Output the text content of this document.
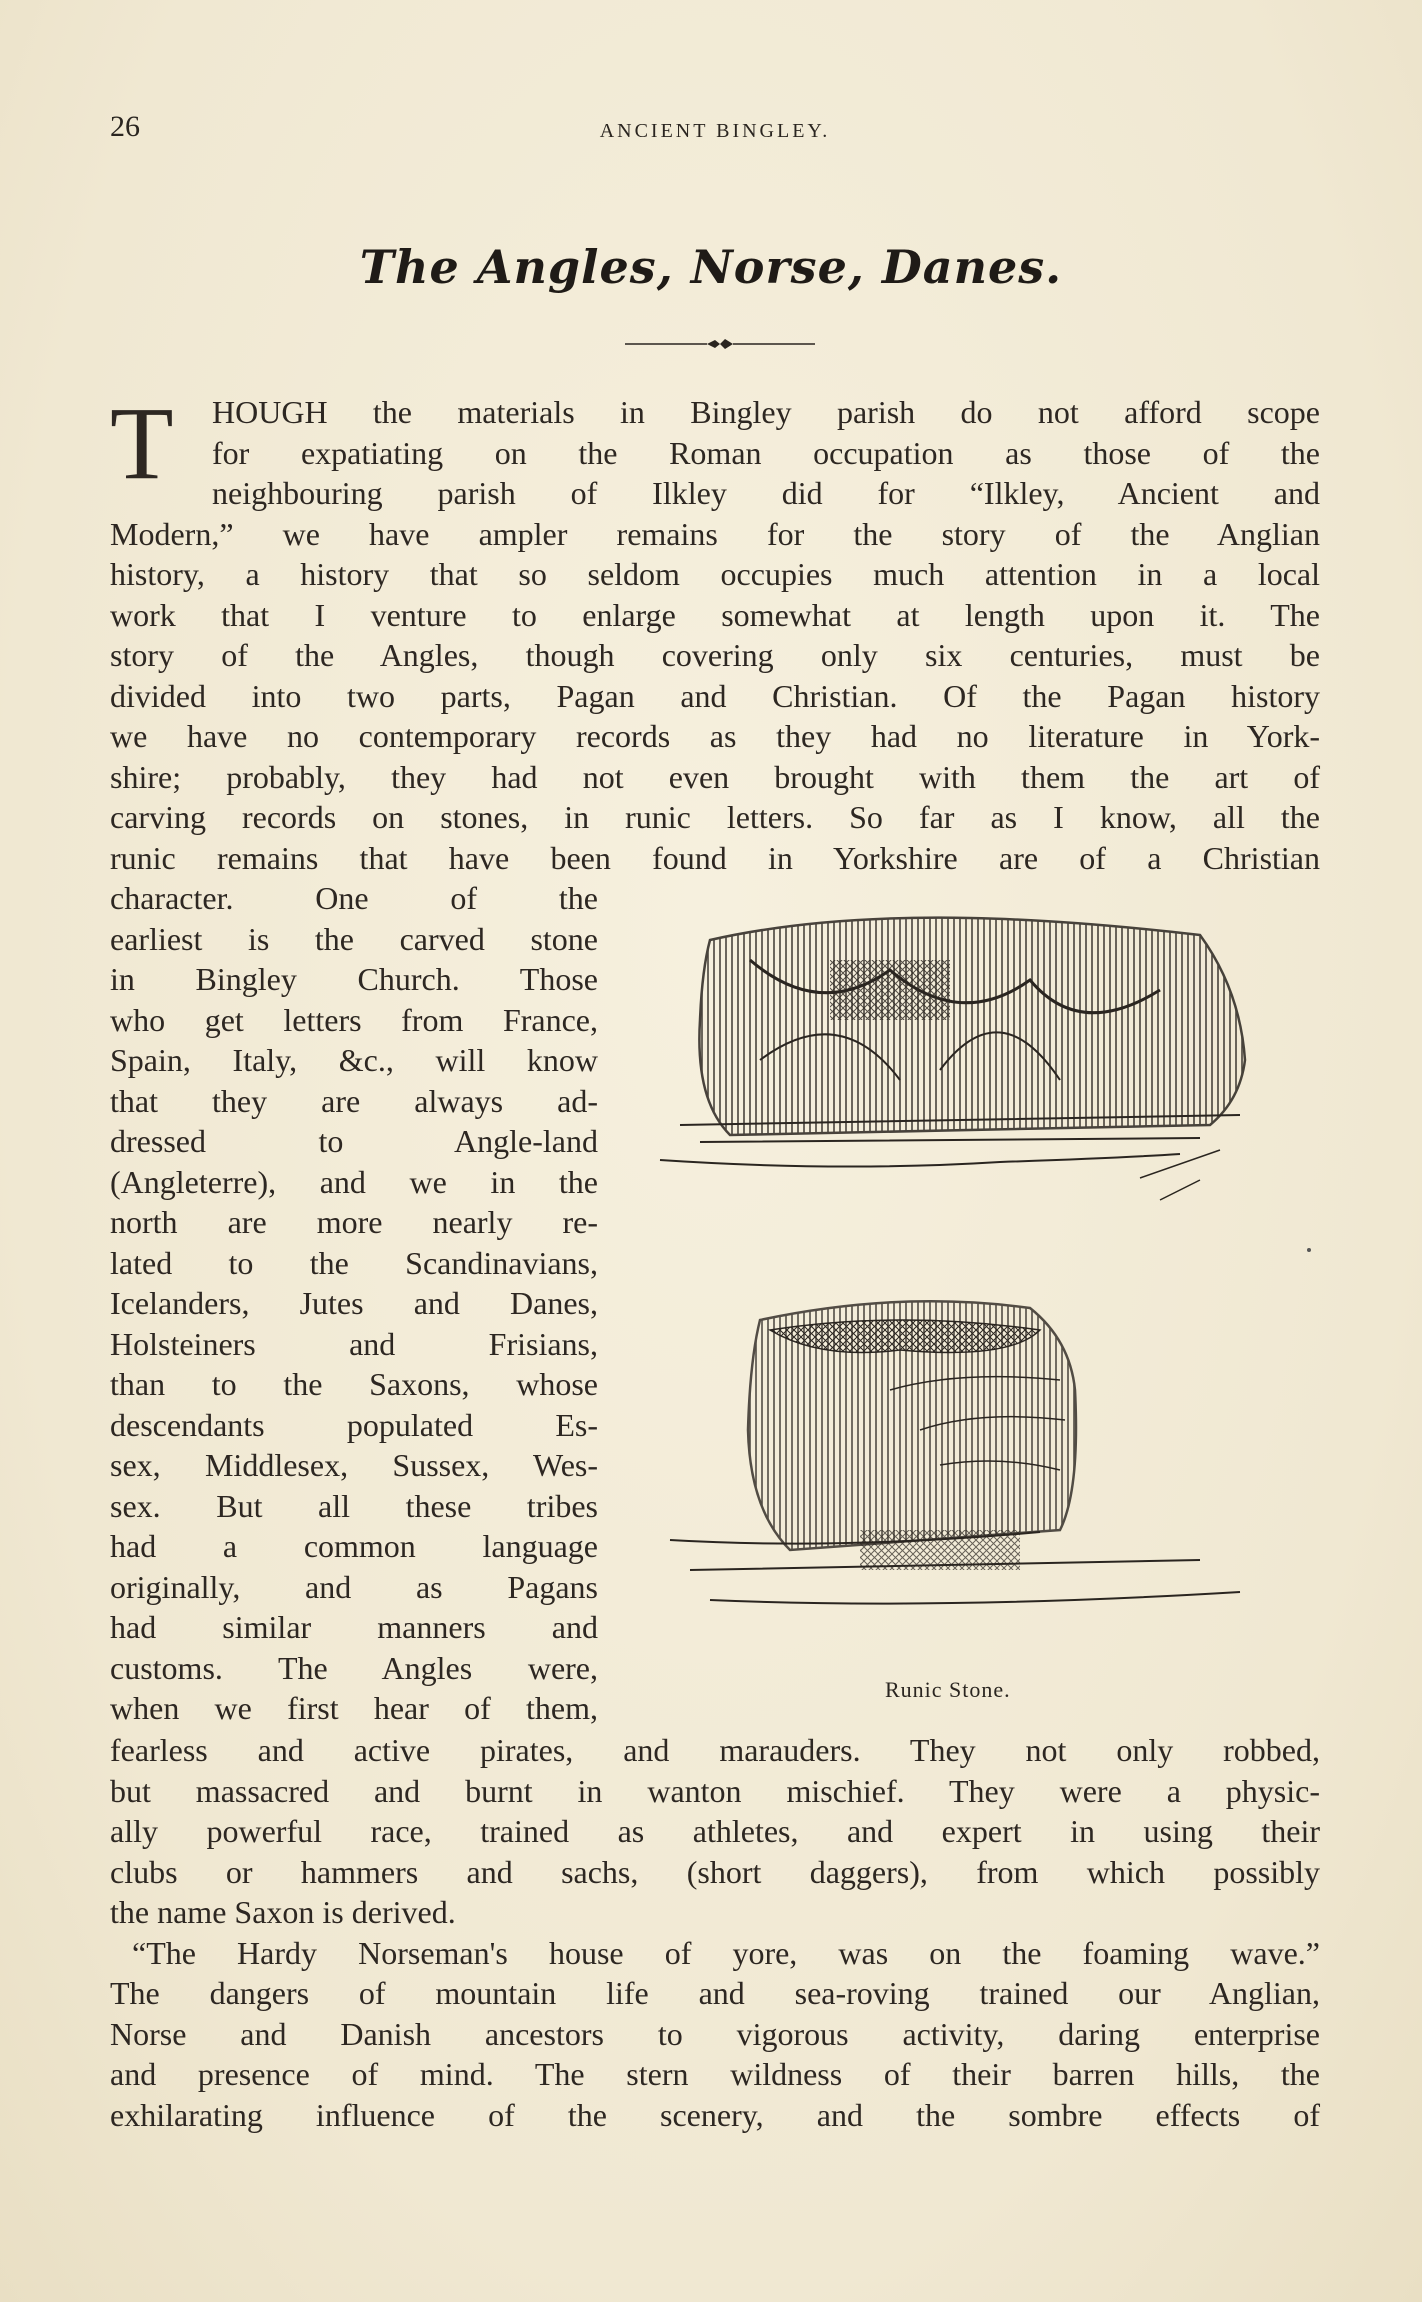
26	ANCIENT BINGLEY.
The Angles, Norse, Danes.
T HOUGH the materials in Bingley parish do not afford scope
for expatiating on the Roman occupation as those of the
neighbouring parish of Ilkley did for “Ilkley, Ancient and
Modern,” we have ampler remains for the story of the Anglian
history, a history that so seldom occupies much attention in a local
work that I venture to enlarge somewhat at length upon it. The
story of the Angles, though covering only six centuries, must be
divided into two parts, Pagan and Christian. Of the Pagan history
we have no contemporary records as they had no literature in York-
shire; probably, they had not even brought with them the art of
carving records on stones, in runic letters. So far as I know, all the
runic remains that have been found in Yorkshire are of a Christian
character. One of the
earliest is the carved stone
in Bingley Church. Those
who get letters from France,
Spain, Italy, &c., will know
that they are always ad-
dressed to Angle-land
(Angleterre), and we in the
north are more nearly re-
lated to the Scandinavians,
Icelanders, Jutes and Danes,
Holsteiners and Frisians,
than to the Saxons, whose
descendants populated Es-
sex, Middlesex, Sussex, Wes-
sex. But all these tribes
had a common language
originally, and as Pagans
had similar manners and
customs. The Angles were,
when we first hear of them,
Runic Stone.
fearless and active pirates, and marauders. They not only robbed,
but massacred and burnt in wanton mischief. They were a physic-
ally powerful race, trained as athletes, and expert in using their
clubs or hammers and sachs, (short daggers), from which possibly
the name Saxon is derived.
“The Hardy Norseman's house of yore, was on the foaming wave.”
The dangers of mountain life and sea-roving trained our Anglian,
Norse and Danish ancestors to vigorous activity, daring enterprise
and presence of mind. The stern wildness of their barren hills, the
exhilarating influence of the scenery, and the sombre effects of
